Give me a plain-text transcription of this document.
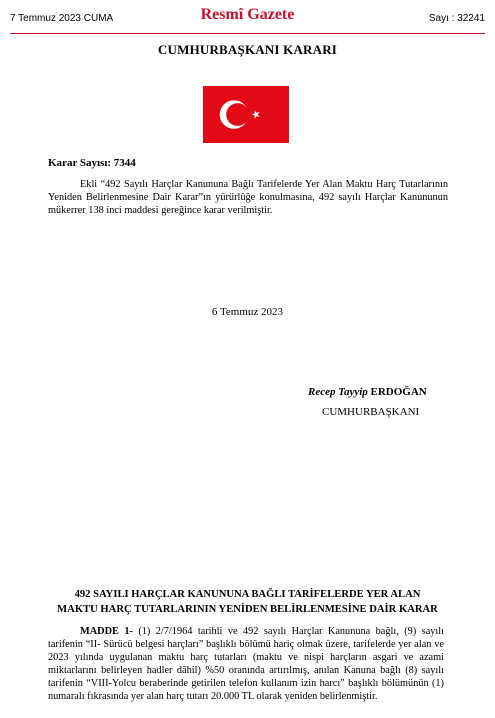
7 Temmuz 2023 CUMA	Resmî Gazete	Sayı : 32241
CUMHURBAŞKANI KARARI
Karar Sayısı: 7344

Ekli “492 Sayılı Harçlar Kanununa Bağlı Tarifelerde Yer Alan Maktu Harç Tutarlarının Yeniden Belirlenmesine Dair Karar”ın yürürlüğe konulmasına, 492 sayılı Harçlar Kanununun mükerrer 138 inci maddesi gereğince karar verilmiştir.

6 Temmuz 2023
Recep Tayyip ERDOĞAN
CUMHURBAŞKANI
492 SAYILI HARÇLAR KANUNUNA BAĞLI TARİFELERDE YER ALAN
MAKTU HARÇ TUTARLARININ YENİDEN BELİRLENMESİNE DAİR KARAR

MADDE 1- (1) 2/7/1964 tarihli ve 492 sayılı Harçlar Kanununa bağlı, (9) sayılı tarifenin “II- Sürücü belgesi harçları” başlıklı bölümü hariç olmak üzere, tarifelerde yer alan ve 2023 yılında uygulanan maktu harç tutarları (maktu ve nispi harçların asgari ve azami miktarlarını belirleyen hadler dâhil) %50 oranında artırılmış, anılan Kanuna bağlı (8) sayılı tarifenin “VIII-Yolcu beraberinde getirilen telefon kullanım izin harcı” başlıklı bölümünün (1) numaralı fıkrasında yer alan harç tutarı 20.000 TL olarak yeniden belirlenmiştir.
